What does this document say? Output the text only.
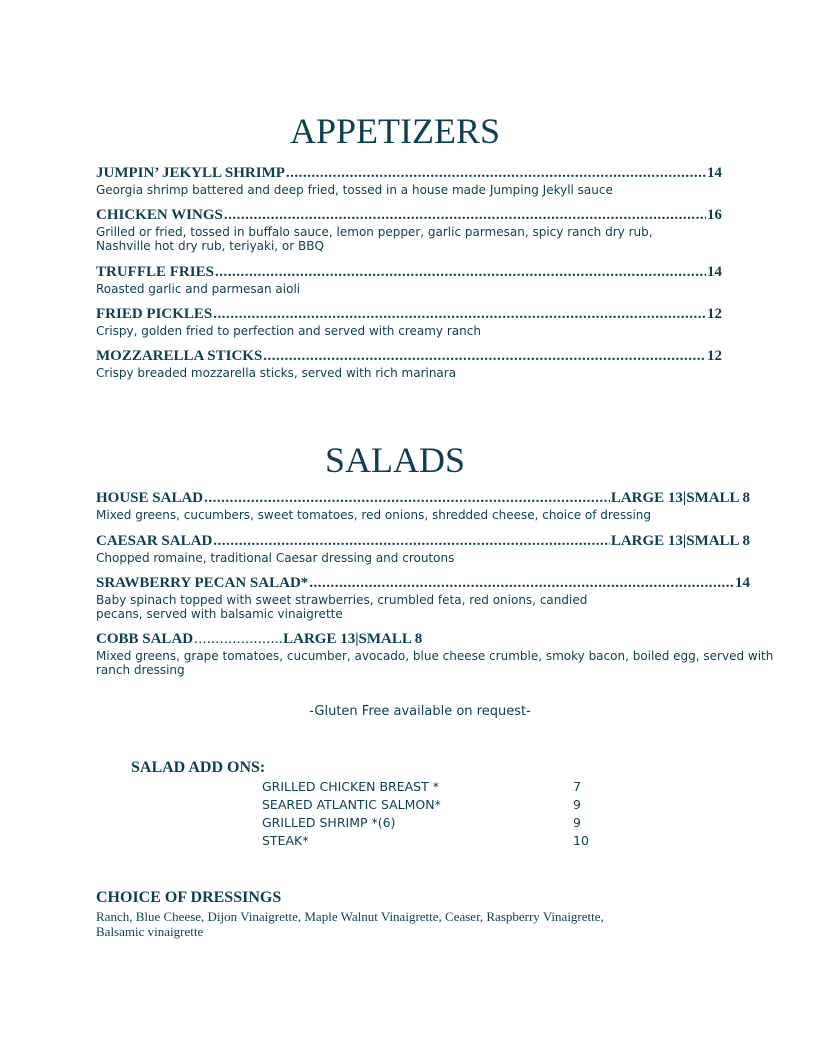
APPETIZERS
JUMPIN’ JEKYLL SHRIMP .....	14
Georgia shrimp battered and deep fried, tossed in a house made Jumping Jekyll sauce
CHICKEN WINGS .....	16
Grilled or fried, tossed in buffalo sauce, lemon pepper, garlic parmesan, spicy ranch dry rub,
Nashville hot dry rub, teriyaki, or BBQ
TRUFFLE FRIES .....	14
Roasted garlic and parmesan aioli
FRIED PICKLES .....	12
Crispy, golden fried to perfection and served with creamy ranch
MOZZARELLA STICKS .....	12
Crispy breaded mozzarella sticks, served with rich marinara
SALADS
HOUSE SALAD .....	LARGE 13|SMALL 8
Mixed greens, cucumbers, sweet tomatoes, red onions, shredded cheese, choice of dressing
CAESAR SALAD .....	LARGE 13|SMALL 8
Chopped romaine, traditional Caesar dressing and croutons
SRAWBERRY PECAN SALAD* .....	14
Baby spinach topped with sweet strawberries, crumbled feta, red onions, candied
pecans, served with balsamic vinaigrette
COBB SALAD .....	LARGE 13|SMALL 8
Mixed greens, grape tomatoes, cucumber, avocado, blue cheese crumble, smoky bacon, boiled egg, served with
ranch dressing
-Gluten Free available on request-
SALAD ADD ONS:
GRILLED CHICKEN BREAST *	7
SEARED ATLANTIC SALMON*	9
GRILLED SHRIMP *(6)	9
STEAK*	10
CHOICE OF DRESSINGS
Ranch, Blue Cheese, Dijon Vinaigrette, Maple Walnut Vinaigrette, Ceaser, Raspberry Vinaigrette,
Balsamic vinaigrette
